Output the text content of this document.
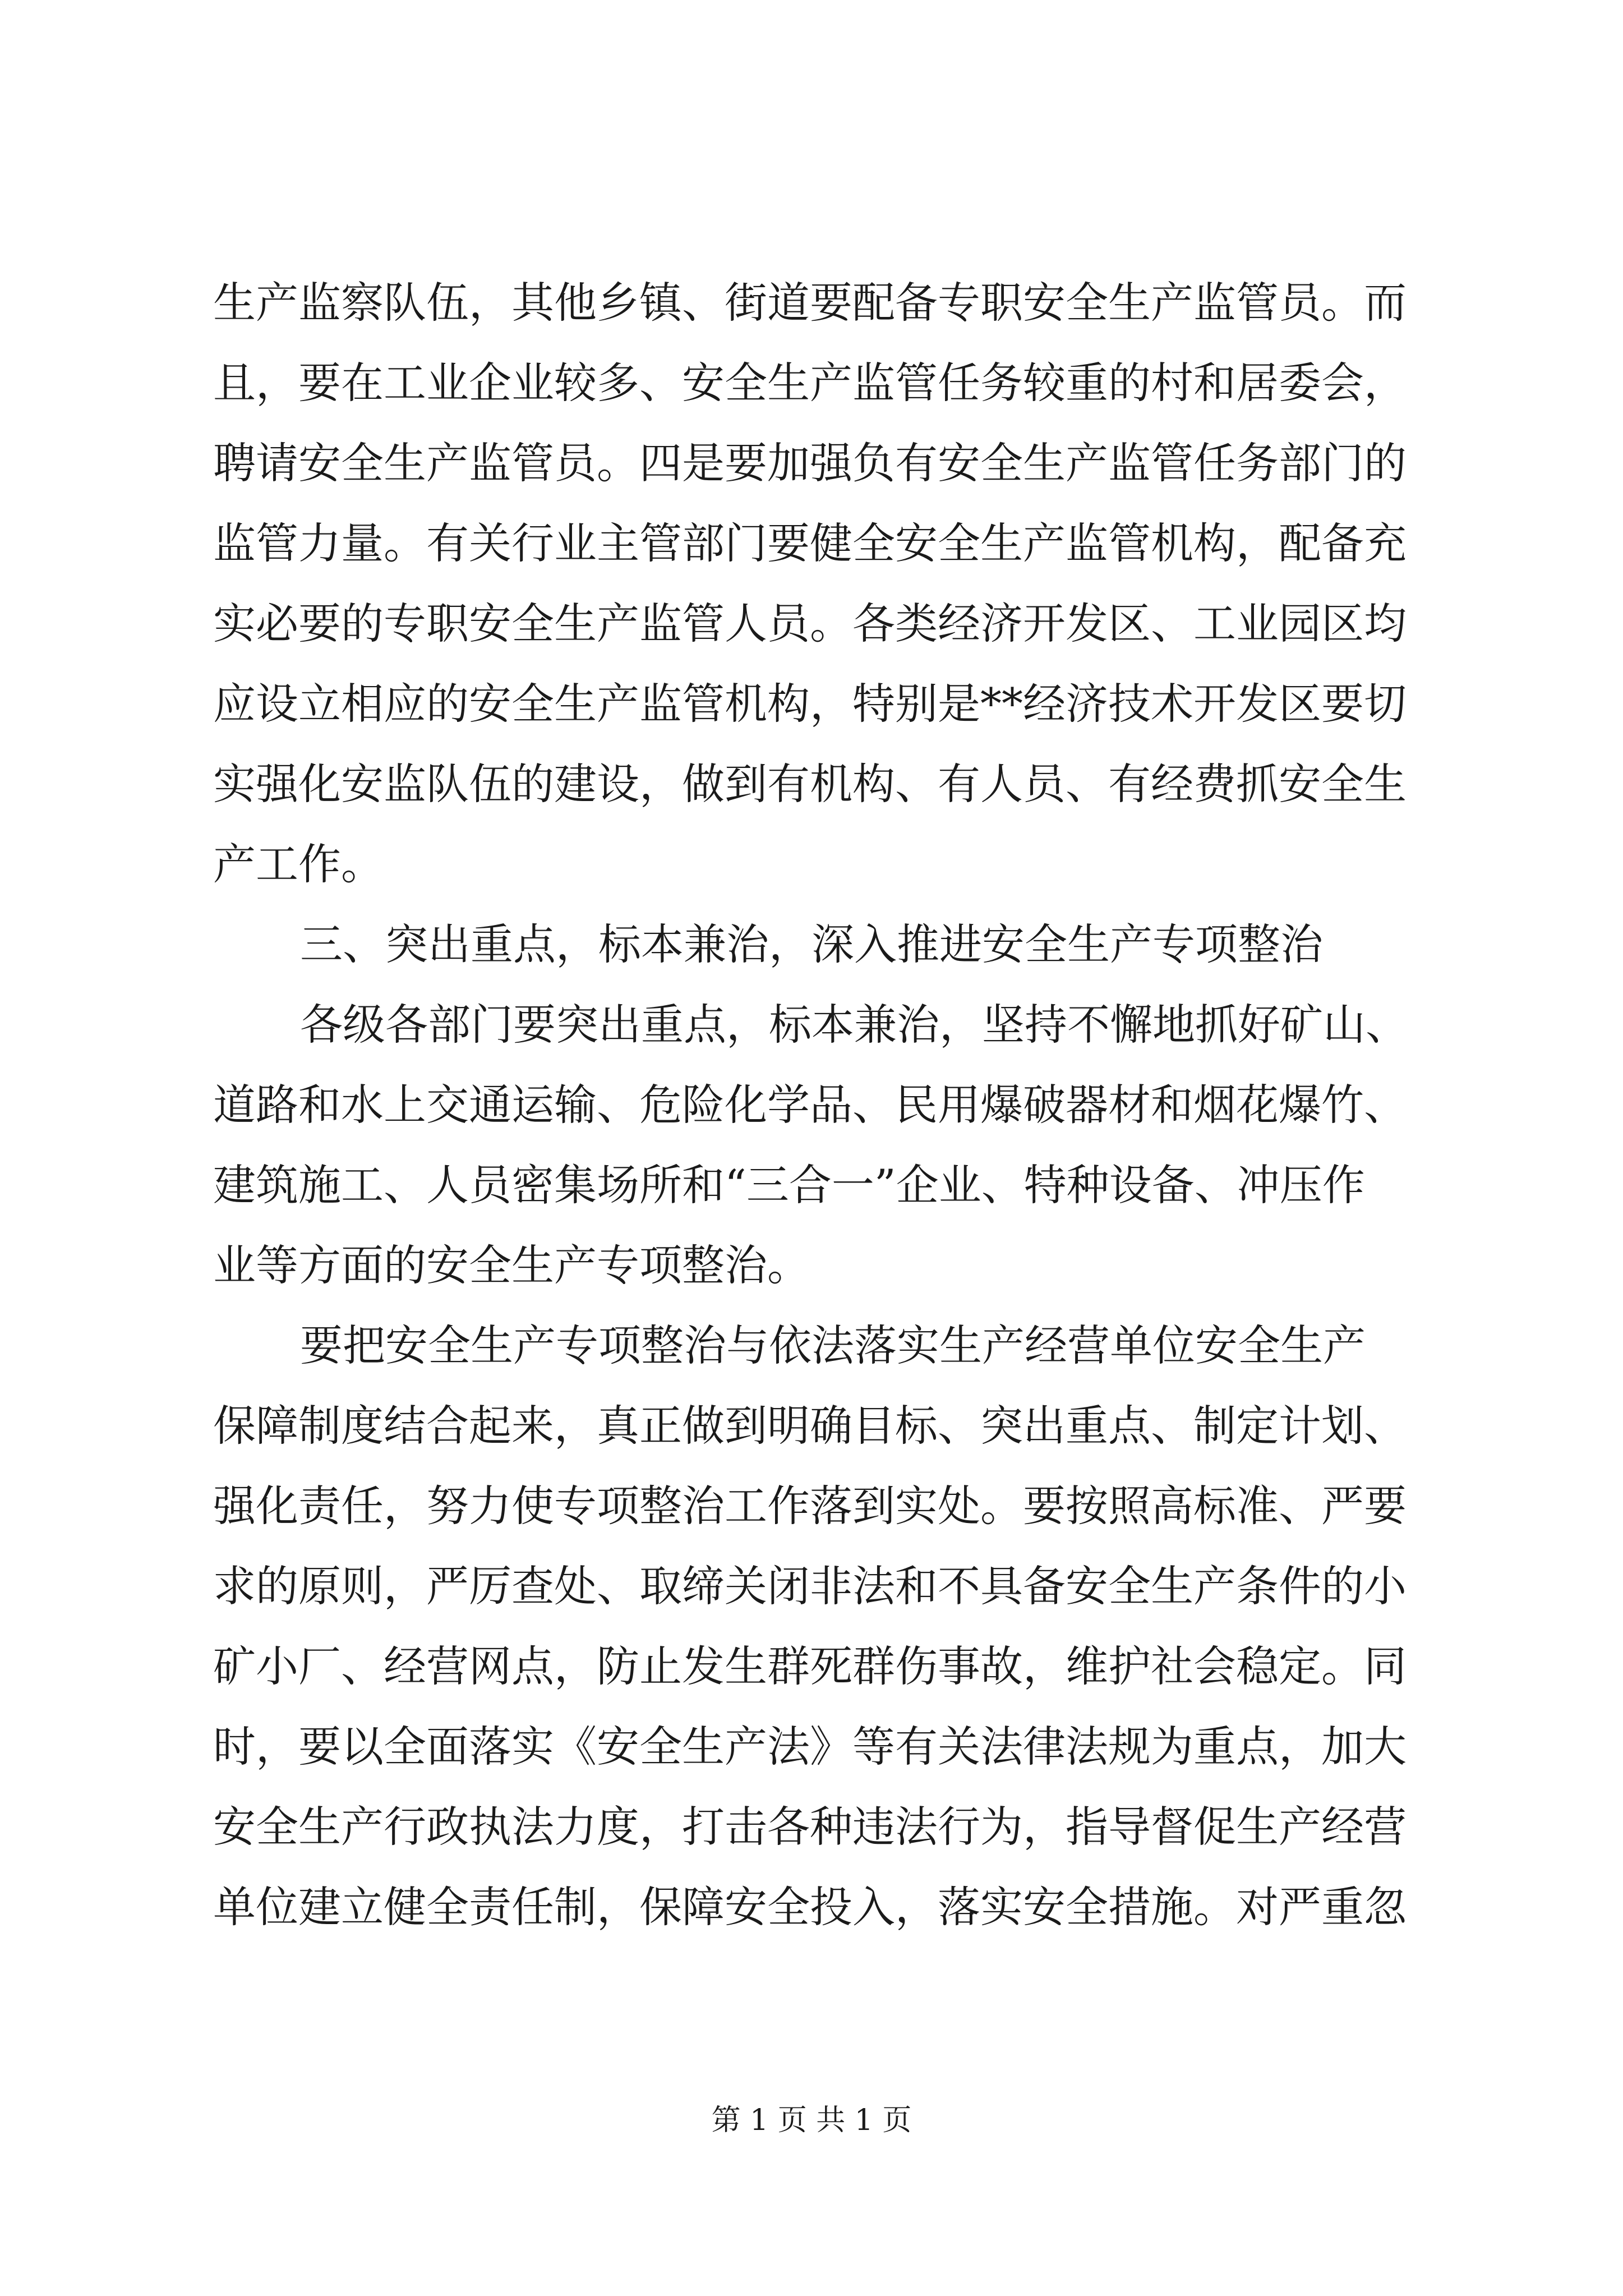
生产监察队伍，其他乡镇、街道要配备专职安全生产监管员。而
且，要在工业企业较多、安全生产监管任务较重的村和居委会，
聘请安全生产监管员。四是要加强负有安全生产监管任务部门的
监管力量。有关行业主管部门要健全安全生产监管机构，配备充
实必要的专职安全生产监管人员。各类经济开发区、工业园区均
应设立相应的安全生产监管机构，特别是**经济技术开发区要切
实强化安监队伍的建设，做到有机构、有人员、有经费抓安全生
产工作。
三、突出重点，标本兼治，深入推进安全生产专项整治
各级各部门要突出重点，标本兼治，坚持不懈地抓好矿山、
道路和水上交通运输、危险化学品、民用爆破器材和烟花爆竹、
建筑施工、人员密集场所和“三合一”企业、特种设备、冲压作
业等方面的安全生产专项整治。
要把安全生产专项整治与依法落实生产经营单位安全生产
保障制度结合起来，真正做到明确目标、突出重点、制定计划、
强化责任，努力使专项整治工作落到实处。要按照高标准、严要
求的原则，严厉查处、取缔关闭非法和不具备安全生产条件的小
矿小厂、经营网点，防止发生群死群伤事故，维护社会稳定。同
时，要以全面落实《安全生产法》等有关法律法规为重点，加大
安全生产行政执法力度，打击各种违法行为，指导督促生产经营
单位建立健全责任制，保障安全投入，落实安全措施。对严重忽
第 1 页 共 1 页
